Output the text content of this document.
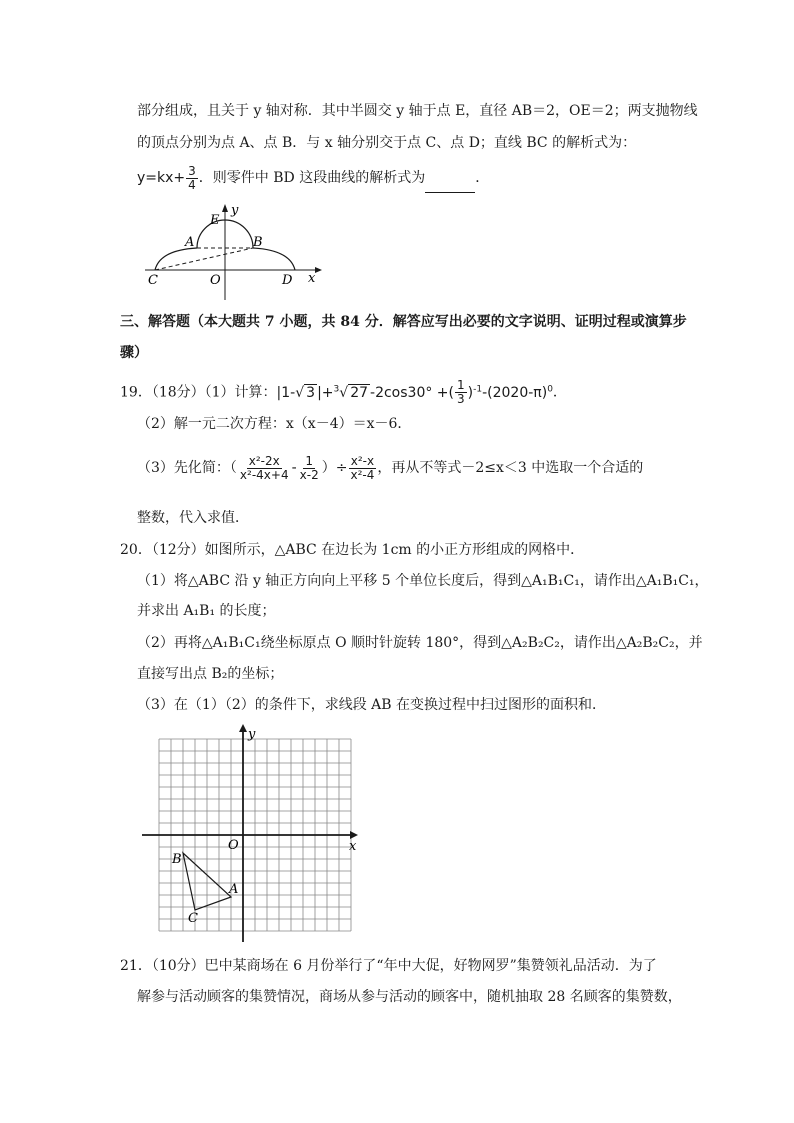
部分组成，且关于 y 轴对称．其中半圆交 y 轴于点 E，直径 AB＝2，OE＝2；两支抛物线
的顶点分别为点 A、点 B．与 x 轴分别交于点 C、点 D；直线 BC 的解析式为：
$y=kx+ \frac{3}{4}$ ．则零件中 BD 这段曲线的解析式为	．
E
y
A	B
C	O	D x
三、解答题（本大题共 7 小题，共 84 分．解答应写出必要的文字说明、证明过程或演算步
骤）
19．（18分）（1）计算：|1-√ 3 |+$^3$√ 27 -2cos30° +( $\frac{1}{3} )^{-1}-(2020-\pi)^0$．
（2）解一元二次方程：x（x－4）＝x－6．
（3）先化简：（ $\frac{\text{x²-2x}}{\text{x²-4x+4}} - \frac{1}{x-2}$ ）÷ $\frac{\text{x²-x}}{\text{x²-4}}$ ，再从不等式－2≤x＜3 中选取一个合适的
整数，代入求值．
20．（12分）如图所示，△ABC 在边长为 1cm 的小正方形组成的网格中．
（1）将△ABC 沿 y 轴正方向向上平移 5 个单位长度后，得到△A₁B₁C₁，请作出△A₁B₁C₁，
并求出 A₁B₁ 的长度；
（2）再将△A₁B₁C₁绕坐标原点 O 顺时针旋转 180°，得到△A₂B₂C₂，请作出△A₂B₂C₂，并
直接写出点 B₂的坐标；
（3）在（1）（2）的条件下，求线段 AB 在变换过程中扫过图形的面积和．
y
x
O
A
B
C
21．（10分）巴中某商场在 6 月份举行了“年中大促，好物网罗”集赞领礼品活动．为了
解参与活动顾客的集赞情况，商场从参与活动的顾客中，随机抽取 28 名顾客的集赞数，
